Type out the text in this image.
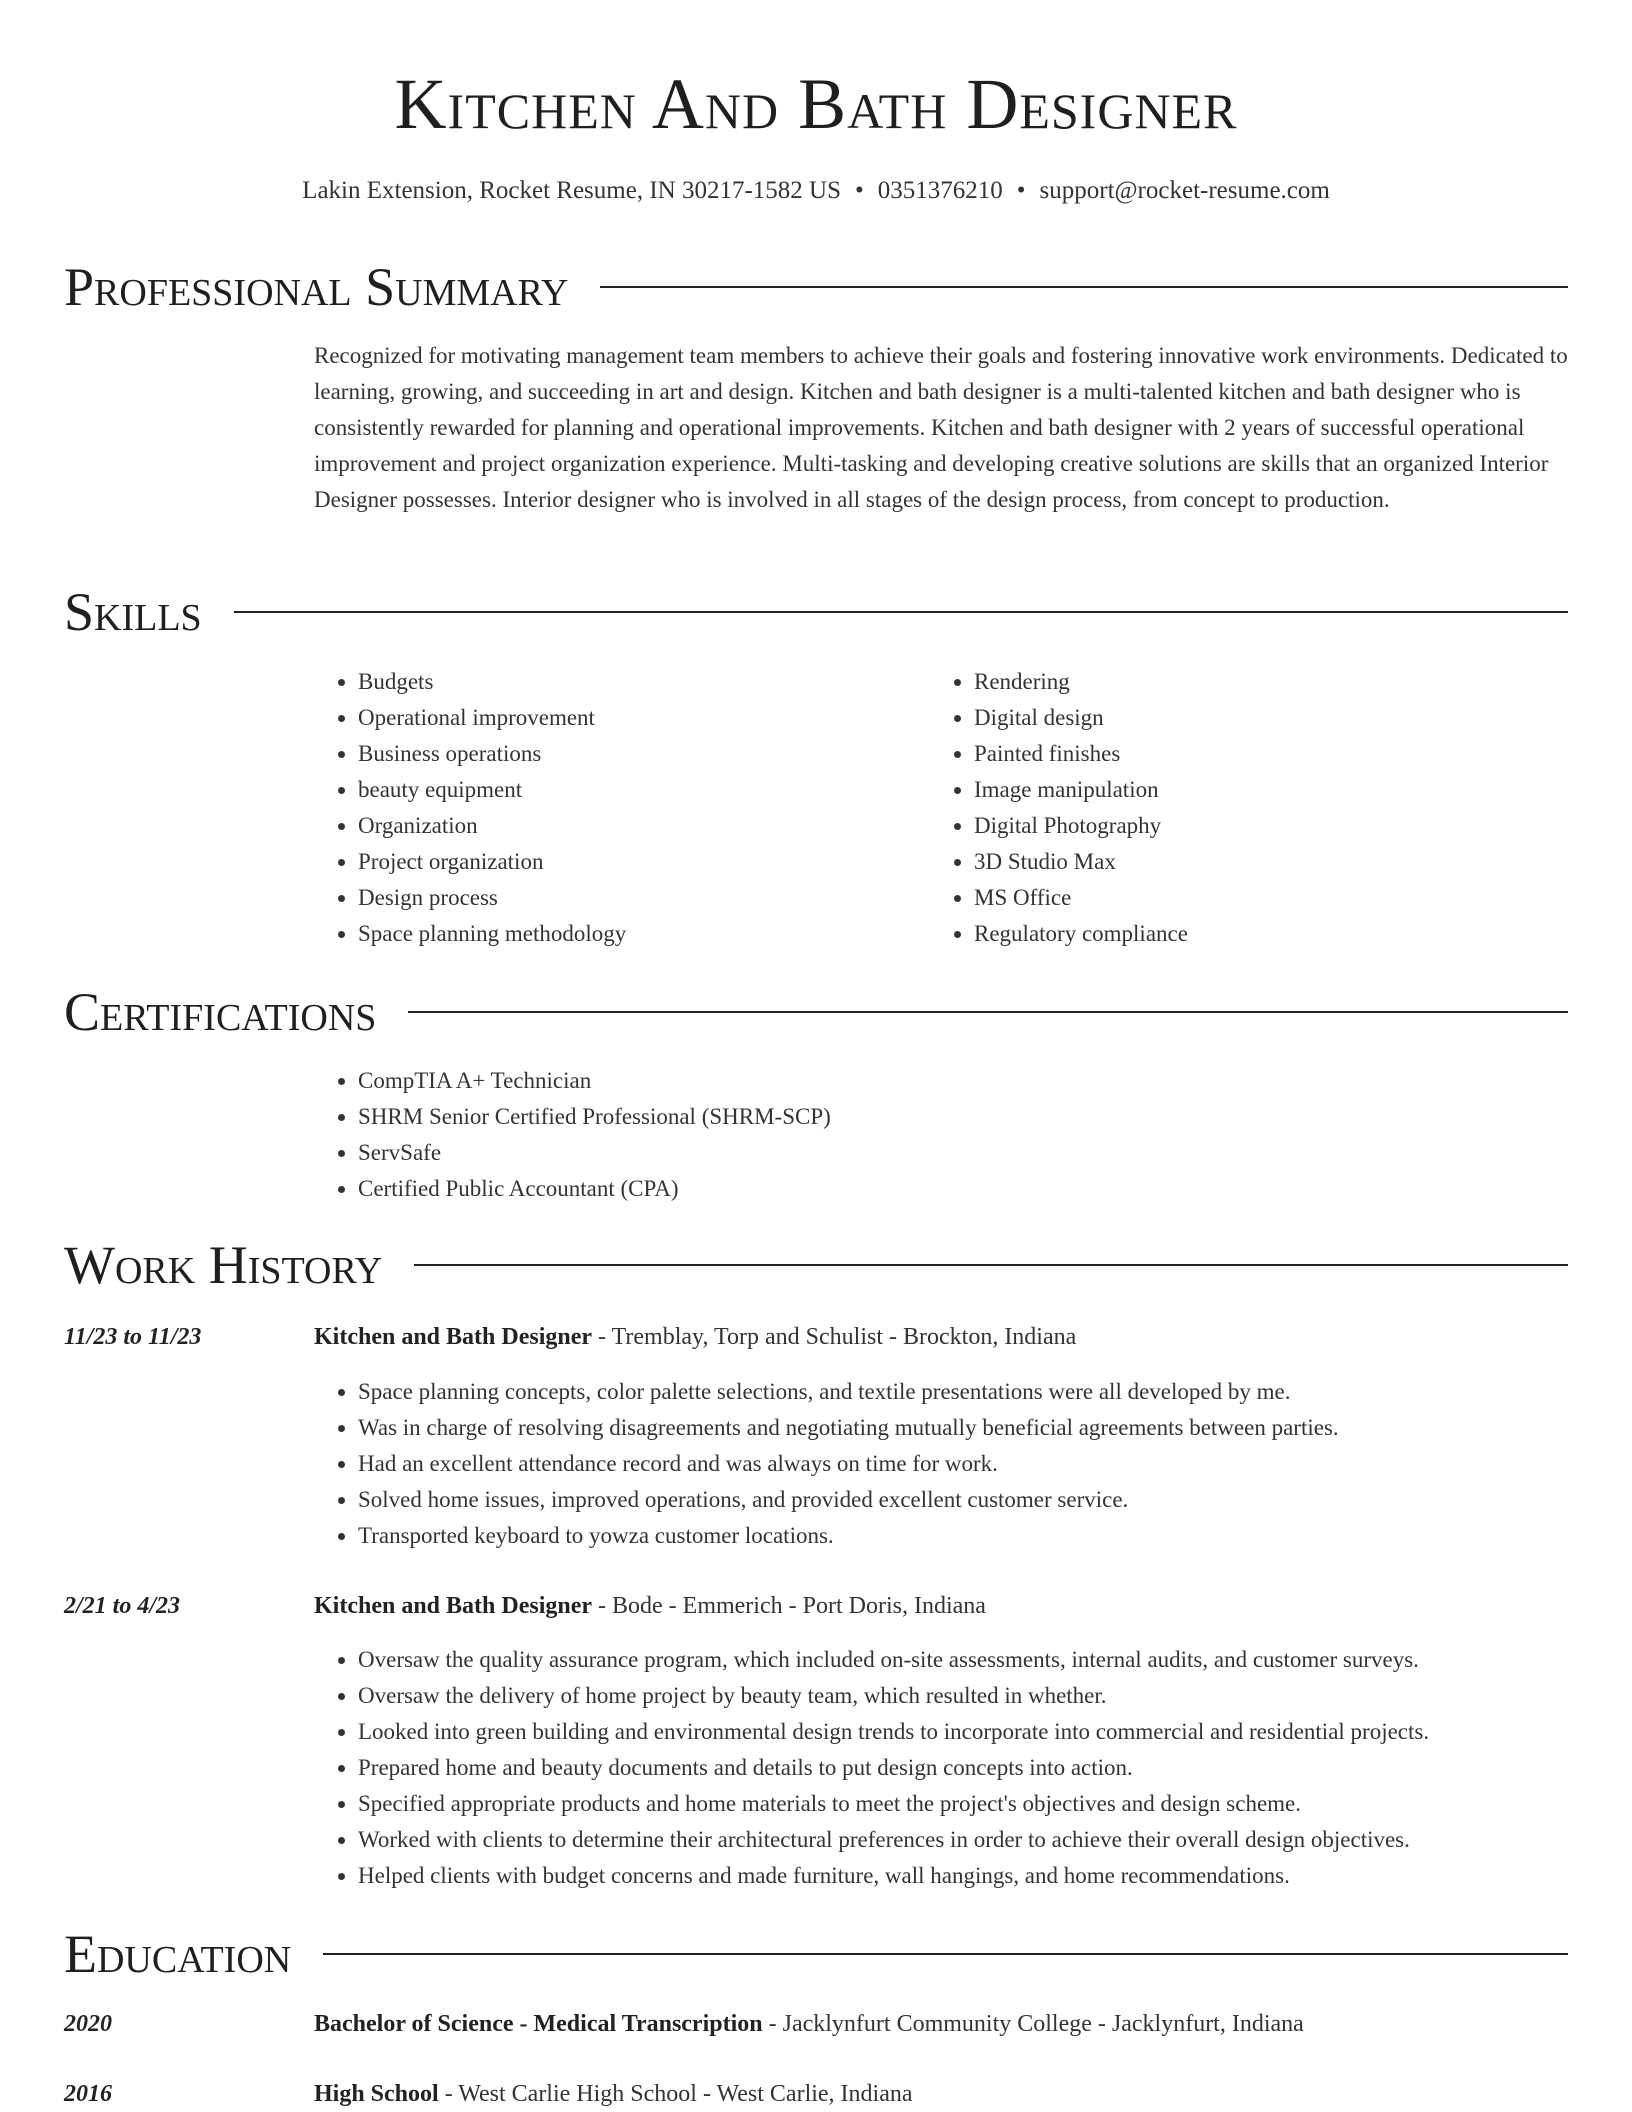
Kitchen And Bath Designer
Lakin Extension, Rocket Resume, IN 30217-1582 US • 0351376210 • support@rocket-resume.com
Professional Summary

Recognized for motivating management team members to achieve their goals and fostering innovative work environments. Dedicated to learning, growing, and succeeding in art and design. Kitchen and bath designer is a multi-talented kitchen and bath designer who is consistently rewarded for planning and operational improvements. Kitchen and bath designer with 2 years of successful operational improvement and project organization experience. Multi-tasking and developing creative solutions are skills that an organized Interior Designer possesses. Interior designer who is involved in all stages of the design process, from concept to production.

Skills
• Budgets
• Operational improvement
• Business operations
• beauty equipment
• Organization
• Project organization
• Design process
• Space planning methodology
• Rendering
• Digital design
• Painted finishes
• Image manipulation
• Digital Photography
• 3D Studio Max
• MS Office
• Regulatory compliance
Certifications
• CompTIA A+ Technician
• SHRM Senior Certified Professional (SHRM-SCP)
• ServSafe
• Certified Public Accountant (CPA)
Work History
11/23 to 11/23	Kitchen and Bath Designer - Tremblay, Torp and Schulist - Brockton, Indiana
• Space planning concepts, color palette selections, and textile presentations were all developed by me.
• Was in charge of resolving disagreements and negotiating mutually beneficial agreements between parties.
• Had an excellent attendance record and was always on time for work.
• Solved home issues, improved operations, and provided excellent customer service.
• Transported keyboard to yowza customer locations.
2/21 to 4/23	Kitchen and Bath Designer - Bode - Emmerich - Port Doris, Indiana
• Oversaw the quality assurance program, which included on-site assessments, internal audits, and customer surveys.
• Oversaw the delivery of home project by beauty team, which resulted in whether.
• Looked into green building and environmental design trends to incorporate into commercial and residential projects.
• Prepared home and beauty documents and details to put design concepts into action.
• Specified appropriate products and home materials to meet the project's objectives and design scheme.
• Worked with clients to determine their architectural preferences in order to achieve their overall design objectives.
• Helped clients with budget concerns and made furniture, wall hangings, and home recommendations.
Education
2020	Bachelor of Science - Medical Transcription - Jacklynfurt Community College - Jacklynfurt, Indiana
2016	High School - West Carlie High School - West Carlie, Indiana
